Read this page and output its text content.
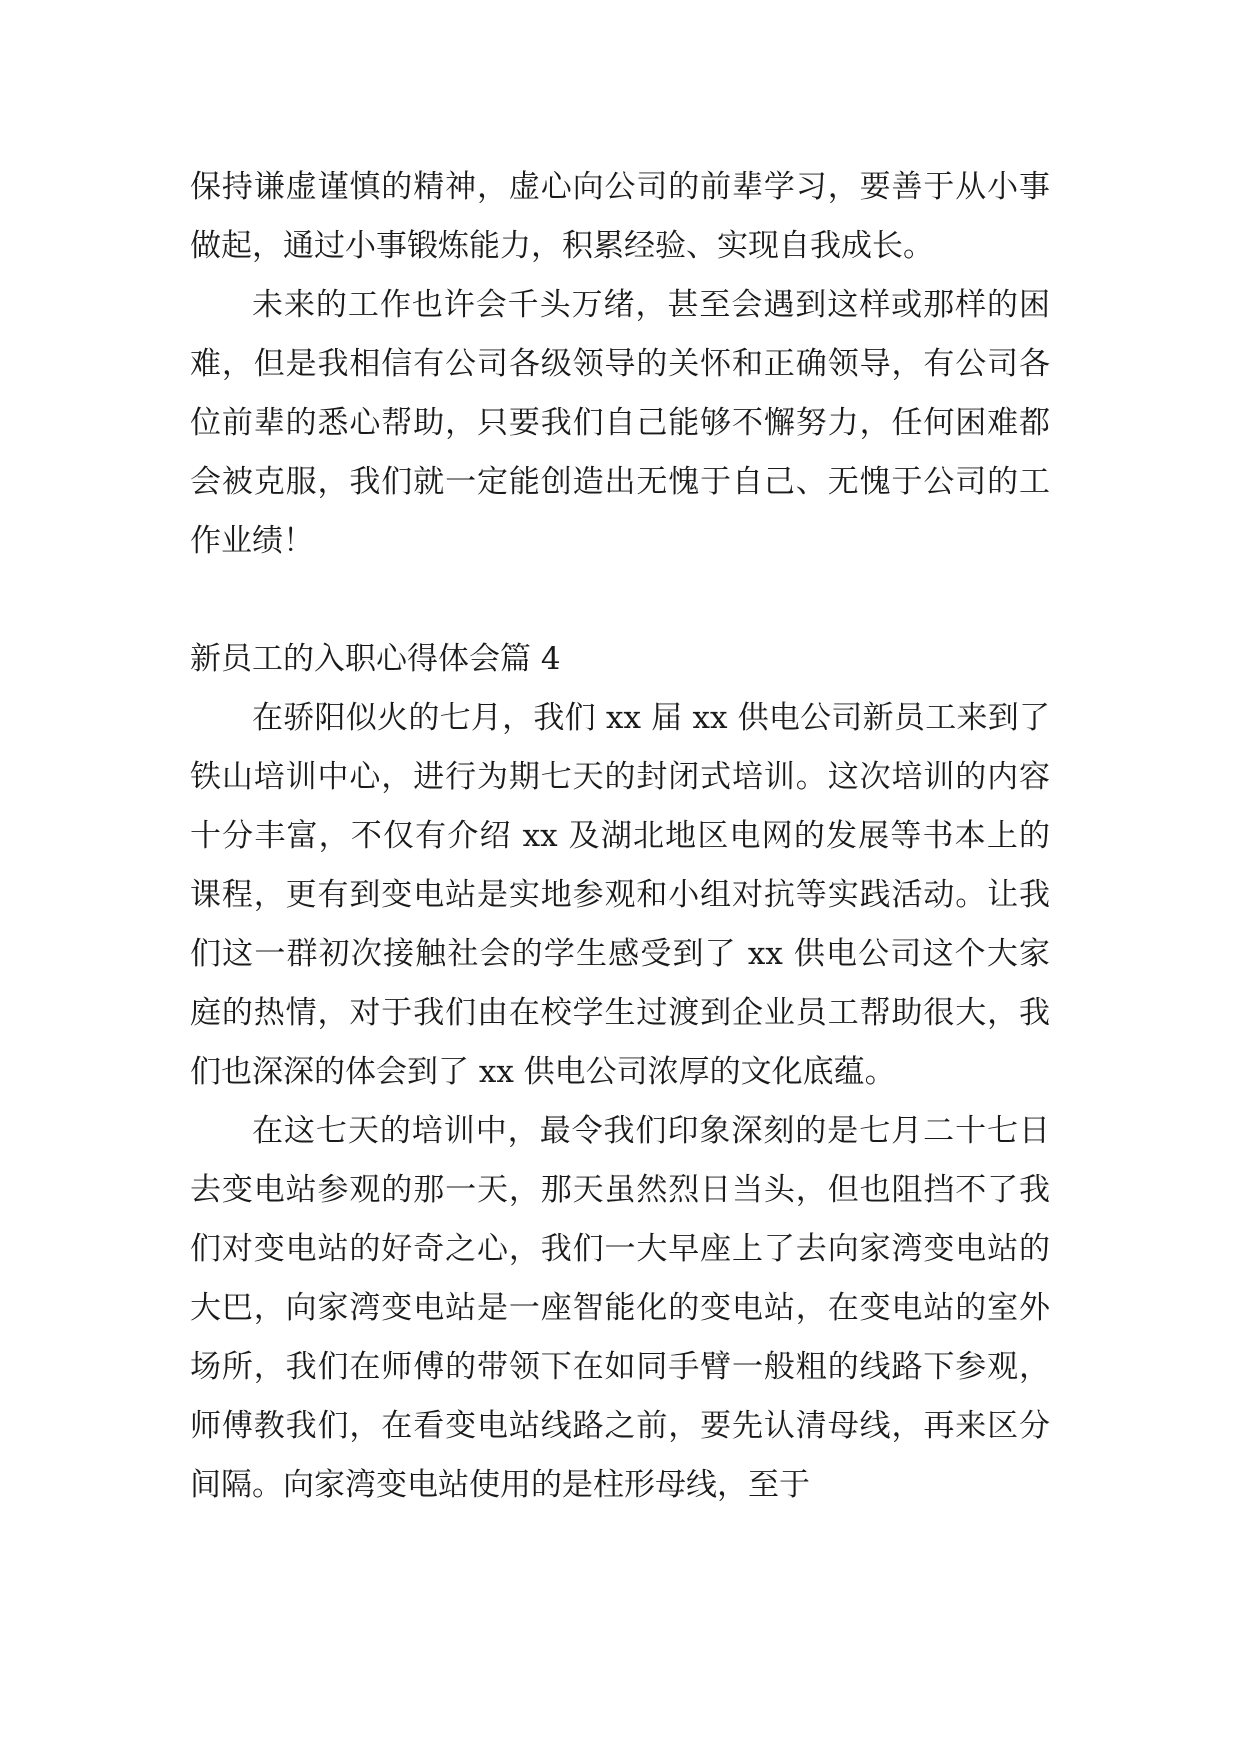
保持谦虚谨慎的精神，虚心向公司的前辈学习，要善于从小事做起，通过小事锻炼能力，积累经验、实现自我成长。

未来的工作也许会千头万绪，甚至会遇到这样或那样的困难，但是我相信有公司各级领导的关怀和正确领导，有公司各位前辈的悉心帮助，只要我们自己能够不懈努力，任何困难都会被克服，我们就一定能创造出无愧于自己、无愧于公司的工作业绩！

新员工的入职心得体会篇 4

在骄阳似火的七月，我们 xx 届 xx 供电公司新员工来到了铁山培训中心，进行为期七天的封闭式培训。这次培训的内容十分丰富，不仅有介绍 xx 及湖北地区电网的发展等书本上的课程，更有到变电站是实地参观和小组对抗等实践活动。让我们这一群初次接触社会的学生感受到了 xx 供电公司这个大家庭的热情，对于我们由在校学生过渡到企业员工帮助很大，我们也深深的体会到了 xx 供电公司浓厚的文化底蕴。

在这七天的培训中，最令我们印象深刻的是七月二十七日去变电站参观的那一天，那天虽然烈日当头，但也阻挡不了我们对变电站的好奇之心，我们一大早座上了去向家湾变电站的大巴，向家湾变电站是一座智能化的变电站，在变电站的室外场所，我们在师傅的带领下在如同手臂一般粗的线路下参观，师傅教我们，在看变电站线路之前，要先认清母线，再来区分间隔。向家湾变电站使用的是柱形母线，至于
